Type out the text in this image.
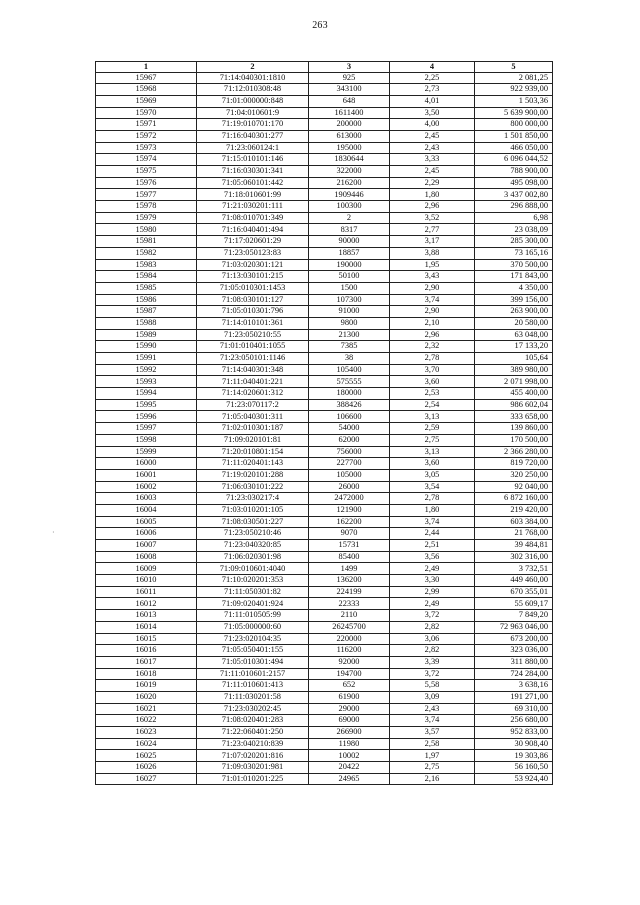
263
·
1	2	3	4	5
15967	71:14:040301:1810	925	2,25	2 081,25
15968	71:12:010308:48	343100	2,73	922 939,00
15969	71:01:000000:848	648	4,01	1 503,36
15970	71:04:010601:9	1611400	3,50	5 639 900,00
15971	71:19:010701:170	200000	4,00	800 000,00
15972	71:16:040301:277	613000	2,45	1 501 850,00
15973	71:23:060124:1	195000	2,43	466 050,00
15974	71:15:010101:146	1830644	3,33	6 096 044,52
15975	71:16:030301:341	322000	2,45	788 900,00
15976	71:05:060101:442	216200	2,29	495 098,00
15977	71:18:010601:99	1909446	1,80	3 437 002,80
15978	71:21:030201:111	100300	2,96	296 888,00
15979	71:08:010701:349	2	3,52	6,98
15980	71:16:040401:494	8317	2,77	23 038,09
15981	71:17:020601:29	90000	3,17	285 300,00
15982	71:23:050123:83	18857	3,88	73 165,16
15983	71:03:020301:121	190000	1,95	370 500,00
15984	71:13:030101:215	50100	3,43	171 843,00
15985	71:05:010301:1453	1500	2,90	4 350,00
15986	71:08:030101:127	107300	3,74	399 156,00
15987	71:05:010301:796	91000	2,90	263 900,00
15988	71:14:010101:361	9800	2,10	20 580,00
15989	71:23:050210:55	21300	2,96	63 048,00
15990	71:01:010401:1055	7385	2,32	17 133,20
15991	71:23:050101:1146	38	2,78	105,64
15992	71:14:040301:348	105400	3,70	389 980,00
15993	71:11:040401:221	575555	3,60	2 071 998,00
15994	71:14:020601:312	180000	2,53	455 400,00
15995	71:23:070117:2	388426	2,54	986 602,04
15996	71:05:040301:311	106600	3,13	333 658,00
15997	71:02:010301:187	54000	2,59	139 860,00
15998	71:09:020101:81	62000	2,75	170 500,00
15999	71:20:010801:154	756000	3,13	2 366 280,00
16000	71:11:020401:143	227700	3,60	819 720,00
16001	71:19:020101:288	105000	3,05	320 250,00
16002	71:06:030101:222	26000	3,54	92 040,00
16003	71:23:030217:4	2472000	2,78	6 872 160,00
16004	71:03:010201:105	121900	1,80	219 420,00
16005	71:08:030501:227	162200	3,74	603 384,00
16006	71:23:050210:46	9070	2,44	21 768,00
16007	71:23:040320:85	15731	2,51	39 484,81
16008	71:06:020301:98	85400	3,56	302 316,00
16009	71:09:010601:4040	1499	2,49	3 732,51
16010	71:10:020201:353	136200	3,30	449 460,00
16011	71:11:050301:82	224199	2,99	670 355,01
16012	71:09:020401:924	22333	2,49	55 609,17
16013	71:11:010505:99	2110	3,72	7 849,20
16014	71:05:000000:60	26245700	2,82	72 963 046,00
16015	71:23:020104:35	220000	3,06	673 200,00
16016	71:05:050401:155	116200	2,82	323 036,00
16017	71:05:010301:494	92000	3,39	311 880,00
16018	71:11:010601:2157	194700	3,72	724 284,00
16019	71:11:010601:413	652	5,58	3 638,16
16020	71:11:030201:58	61900	3,09	191 271,00
16021	71:23:030202:45	29000	2,43	69 310,00
16022	71:08:020401:283	69000	3,74	256 680,00
16023	71:22:060401:250	266900	3,57	952 833,00
16024	71:23:040210:839	11980	2,58	30 908,40
16025	71:07:020201:816	10002	1,97	19 303,86
16026	71:09:030201:981	20422	2,75	56 160,50
16027	71:01:010201:225	24965	2,16	53 924,40
